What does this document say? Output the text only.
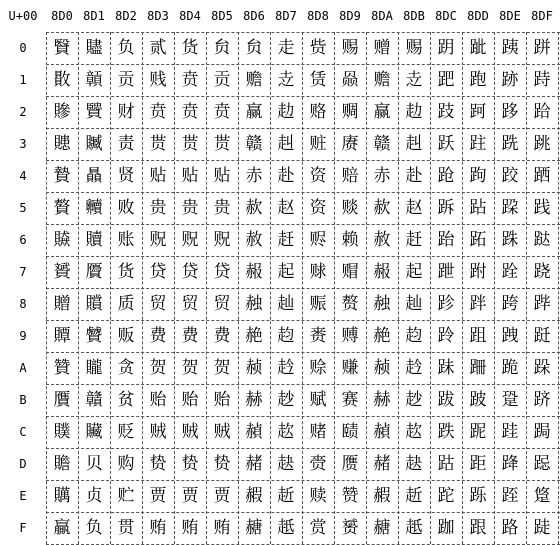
U+00	8D0 8D1 8D2 8D3 8D4 8D5 8D6 8D7 8D8 8D9 8DA 8DB 8DC 8DD 8DE 8DF
0	贀 贐 负 贰 货 贠 贠 走 赀 赐 赠 赐 跀 跐 跠 跰
1	贁 贑 贡 贱 贲 贡 赡 赱 赁 赑 赡 赱 跁 跑 跡 跱
2	贂 贒 财 贲 贲 贲 赢 赲 赂 赒 赢 赲 跂 跒 跢 跲
3	贃 贓 责 贳 贳 贳 赣 赳 赃 赓 赣 赳 跃 跓 跣 跳
4	贄 贔 贤 贴 贴 贴 赤 赴 资 赔 赤 赴 跄 跔 跤 跴
5	贅 贕 败 贵 贵 贵 赥 赵 资 赕 赥 赵 跅 跕 跥 践
6	贆 贖 账 贶 贶 贶 赦 赶 赆 赖 赦 赶 跆 跖 跦 跶
7	贇 贗 货 贷 贷 贷 赧 起 赇 赗 赧 起 跇 跗 跧 跷
8	贈 贘 质 贸 贸 贸 赨 赸 赈 赘 赨 赸 跈 跘 跨 跸
9	贉 贙 贩 费 费 费 赩 赹 赉 赙 赩 赹 跉 跙 跩 跹
A	贊 贚 贪 贺 贺 贺 赪 赺 赊 赚 赪 赺 跊 跚 跪 跺
B	贋 贛 贫 贻 贻 贻 赫 赻 赋 赛 赫 赻 跋 跛 跫 跻
C	贌 贜 贬 贼 贼 贼 赬 赼 赌 赜 赬 赼 跌 跜 跬 跼
D	贍 贝 购 贽 贽 贽 赭 赽 赍 赝 赭 赽 跍 距 跭 跽
E	贎 贞 贮 贾 贾 贾 赮 赾 赎 赞 赮 赾 跎 跞 跮 跾
F	贏 负 贯 贿 贿 贿 赯 赿 赏 赟 赯 赿 跏 跟 路 跿
